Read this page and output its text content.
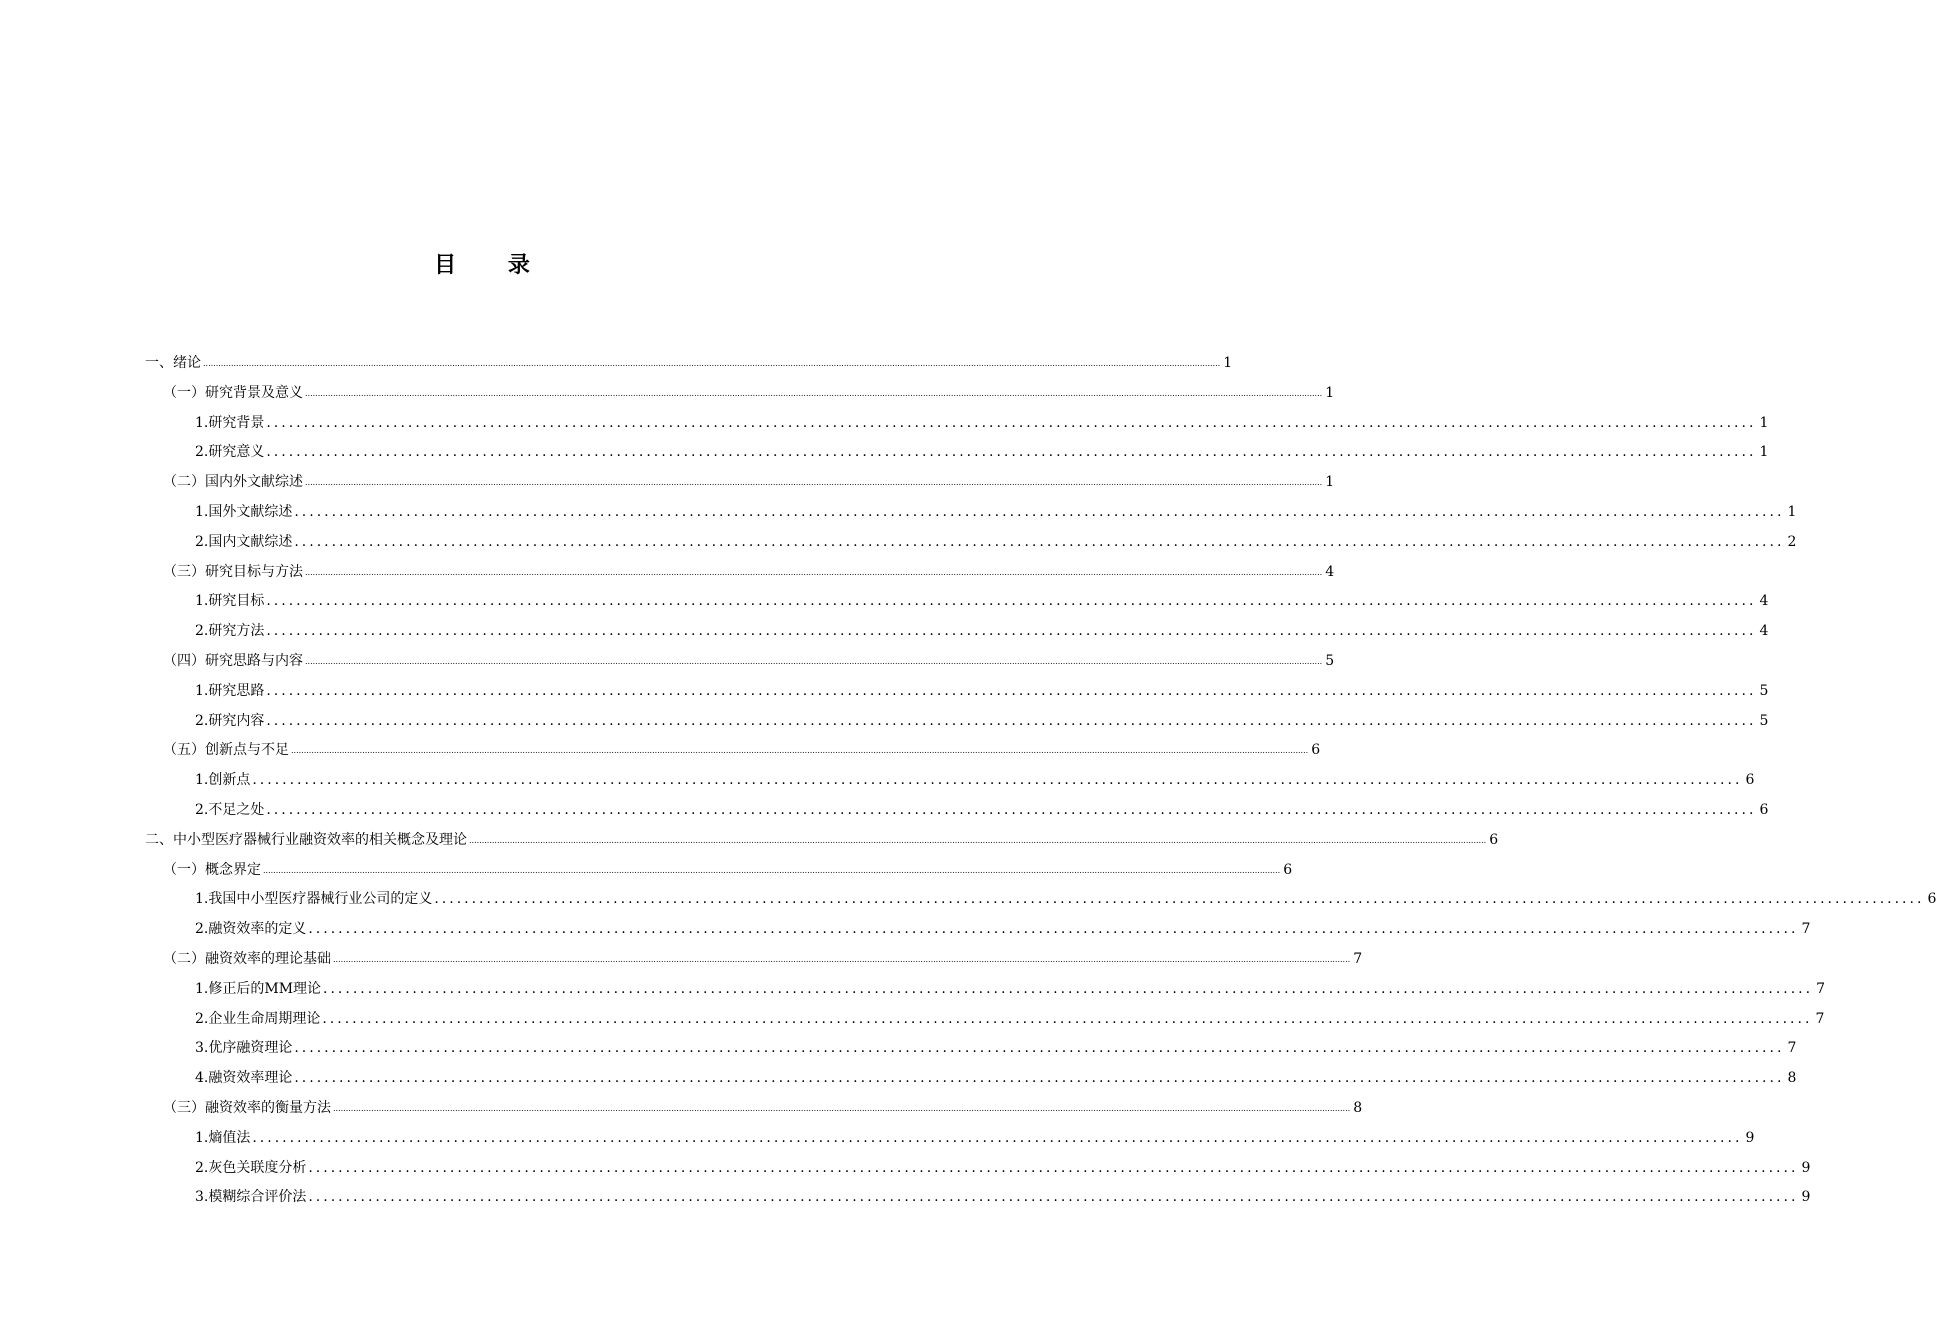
目 录
一、绪论 ................................................................................................................................................................................................................................................................................................................................................................................................................ 1
（一）研究背景及意义 ................................................................................................................................................................................................................................................................................................................................................................................................................ 1
1.研究背景 ........................................................................................................................................................................................................ 1
2.研究意义 ........................................................................................................................................................................................................ 1
（二）国内外文献综述 ................................................................................................................................................................................................................................................................................................................................................................................................................ 1
1.国外文献综述 ........................................................................................................................................................................................................ 1
2.国内文献综述 ........................................................................................................................................................................................................ 2
（三）研究目标与方法 ................................................................................................................................................................................................................................................................................................................................................................................................................ 4
1.研究目标 ........................................................................................................................................................................................................ 4
2.研究方法 ........................................................................................................................................................................................................ 4
（四）研究思路与内容 ................................................................................................................................................................................................................................................................................................................................................................................................................ 5
1.研究思路 ........................................................................................................................................................................................................ 5
2.研究内容 ........................................................................................................................................................................................................ 5
（五）创新点与不足 ................................................................................................................................................................................................................................................................................................................................................................................................................ 6
1.创新点 ........................................................................................................................................................................................................ 6
2.不足之处 ........................................................................................................................................................................................................ 6
二、中小型医疗器械行业融资效率的相关概念及理论 ................................................................................................................................................................................................................................................................................................................................................................................................................ 6
（一）概念界定 ................................................................................................................................................................................................................................................................................................................................................................................................................ 6
1.我国中小型医疗器械行业公司的定义 ........................................................................................................................................................................................................ 6
2.融资效率的定义 ........................................................................................................................................................................................................ 7
（二）融资效率的理论基础 ................................................................................................................................................................................................................................................................................................................................................................................................................ 7
1.修正后的MM理论 ........................................................................................................................................................................................................ 7
2.企业生命周期理论 ........................................................................................................................................................................................................ 7
3.优序融资理论 ........................................................................................................................................................................................................ 7
4.融资效率理论 ........................................................................................................................................................................................................ 8
（三）融资效率的衡量方法 ................................................................................................................................................................................................................................................................................................................................................................................................................ 8
1.熵值法 ........................................................................................................................................................................................................ 9
2.灰色关联度分析 ........................................................................................................................................................................................................ 9
3.模糊综合评价法 ........................................................................................................................................................................................................ 9
